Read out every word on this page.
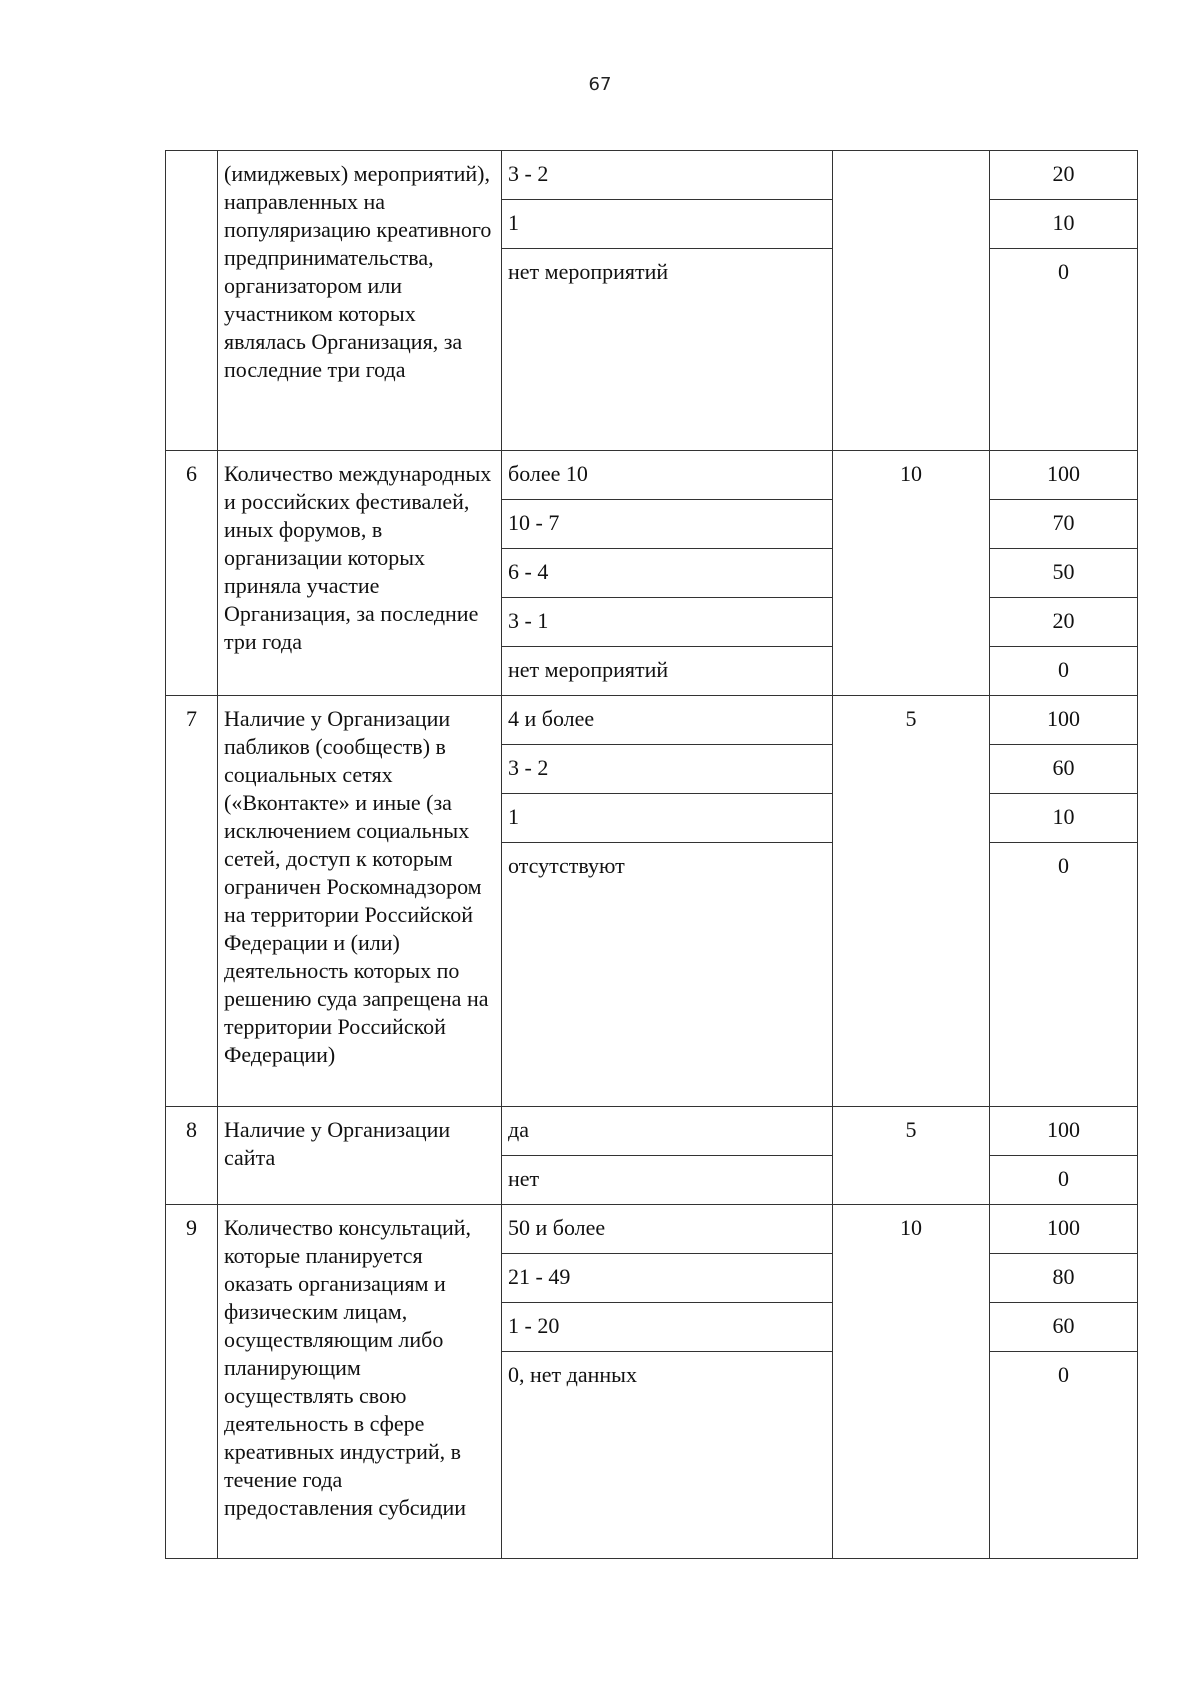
67
	(имиджевых) мероприятий), направленных на популяризацию креативного предпринимательства, организатором или участником которых являлась Организация, за последние три года	3 - 2		20
		1		10
		нет мероприятий		0
6	Количество международных и российских фестивалей, иных форумов, в организации которых приняла участие Организация, за последние три года	более 10	10	100
		10 - 7		70
		6 - 4		50
		3 - 1		20
		нет мероприятий		0
7	Наличие у Организации пабликов (сообществ) в социальных сетях («Вконтакте» и иные (за исключением социальных сетей, доступ к которым ограничен Роскомнадзором на территории Российской Федерации и (или) деятельность которых по решению суда запрещена на территории Российской Федерации)	4 и более	5	100
		3 - 2		60
		1		10
		отсутствуют		0
8	Наличие у Организации сайта	да	5	100
		нет		0
9	Количество консультаций, которые планируется оказать организациям и физическим лицам, осуществляющим либо планирующим осуществлять свою деятельность в сфере креативных индустрий, в течение года предоставления субсидии	50 и более	10	100
		21 - 49		80
		1 - 20		60
		0, нет данных		0
